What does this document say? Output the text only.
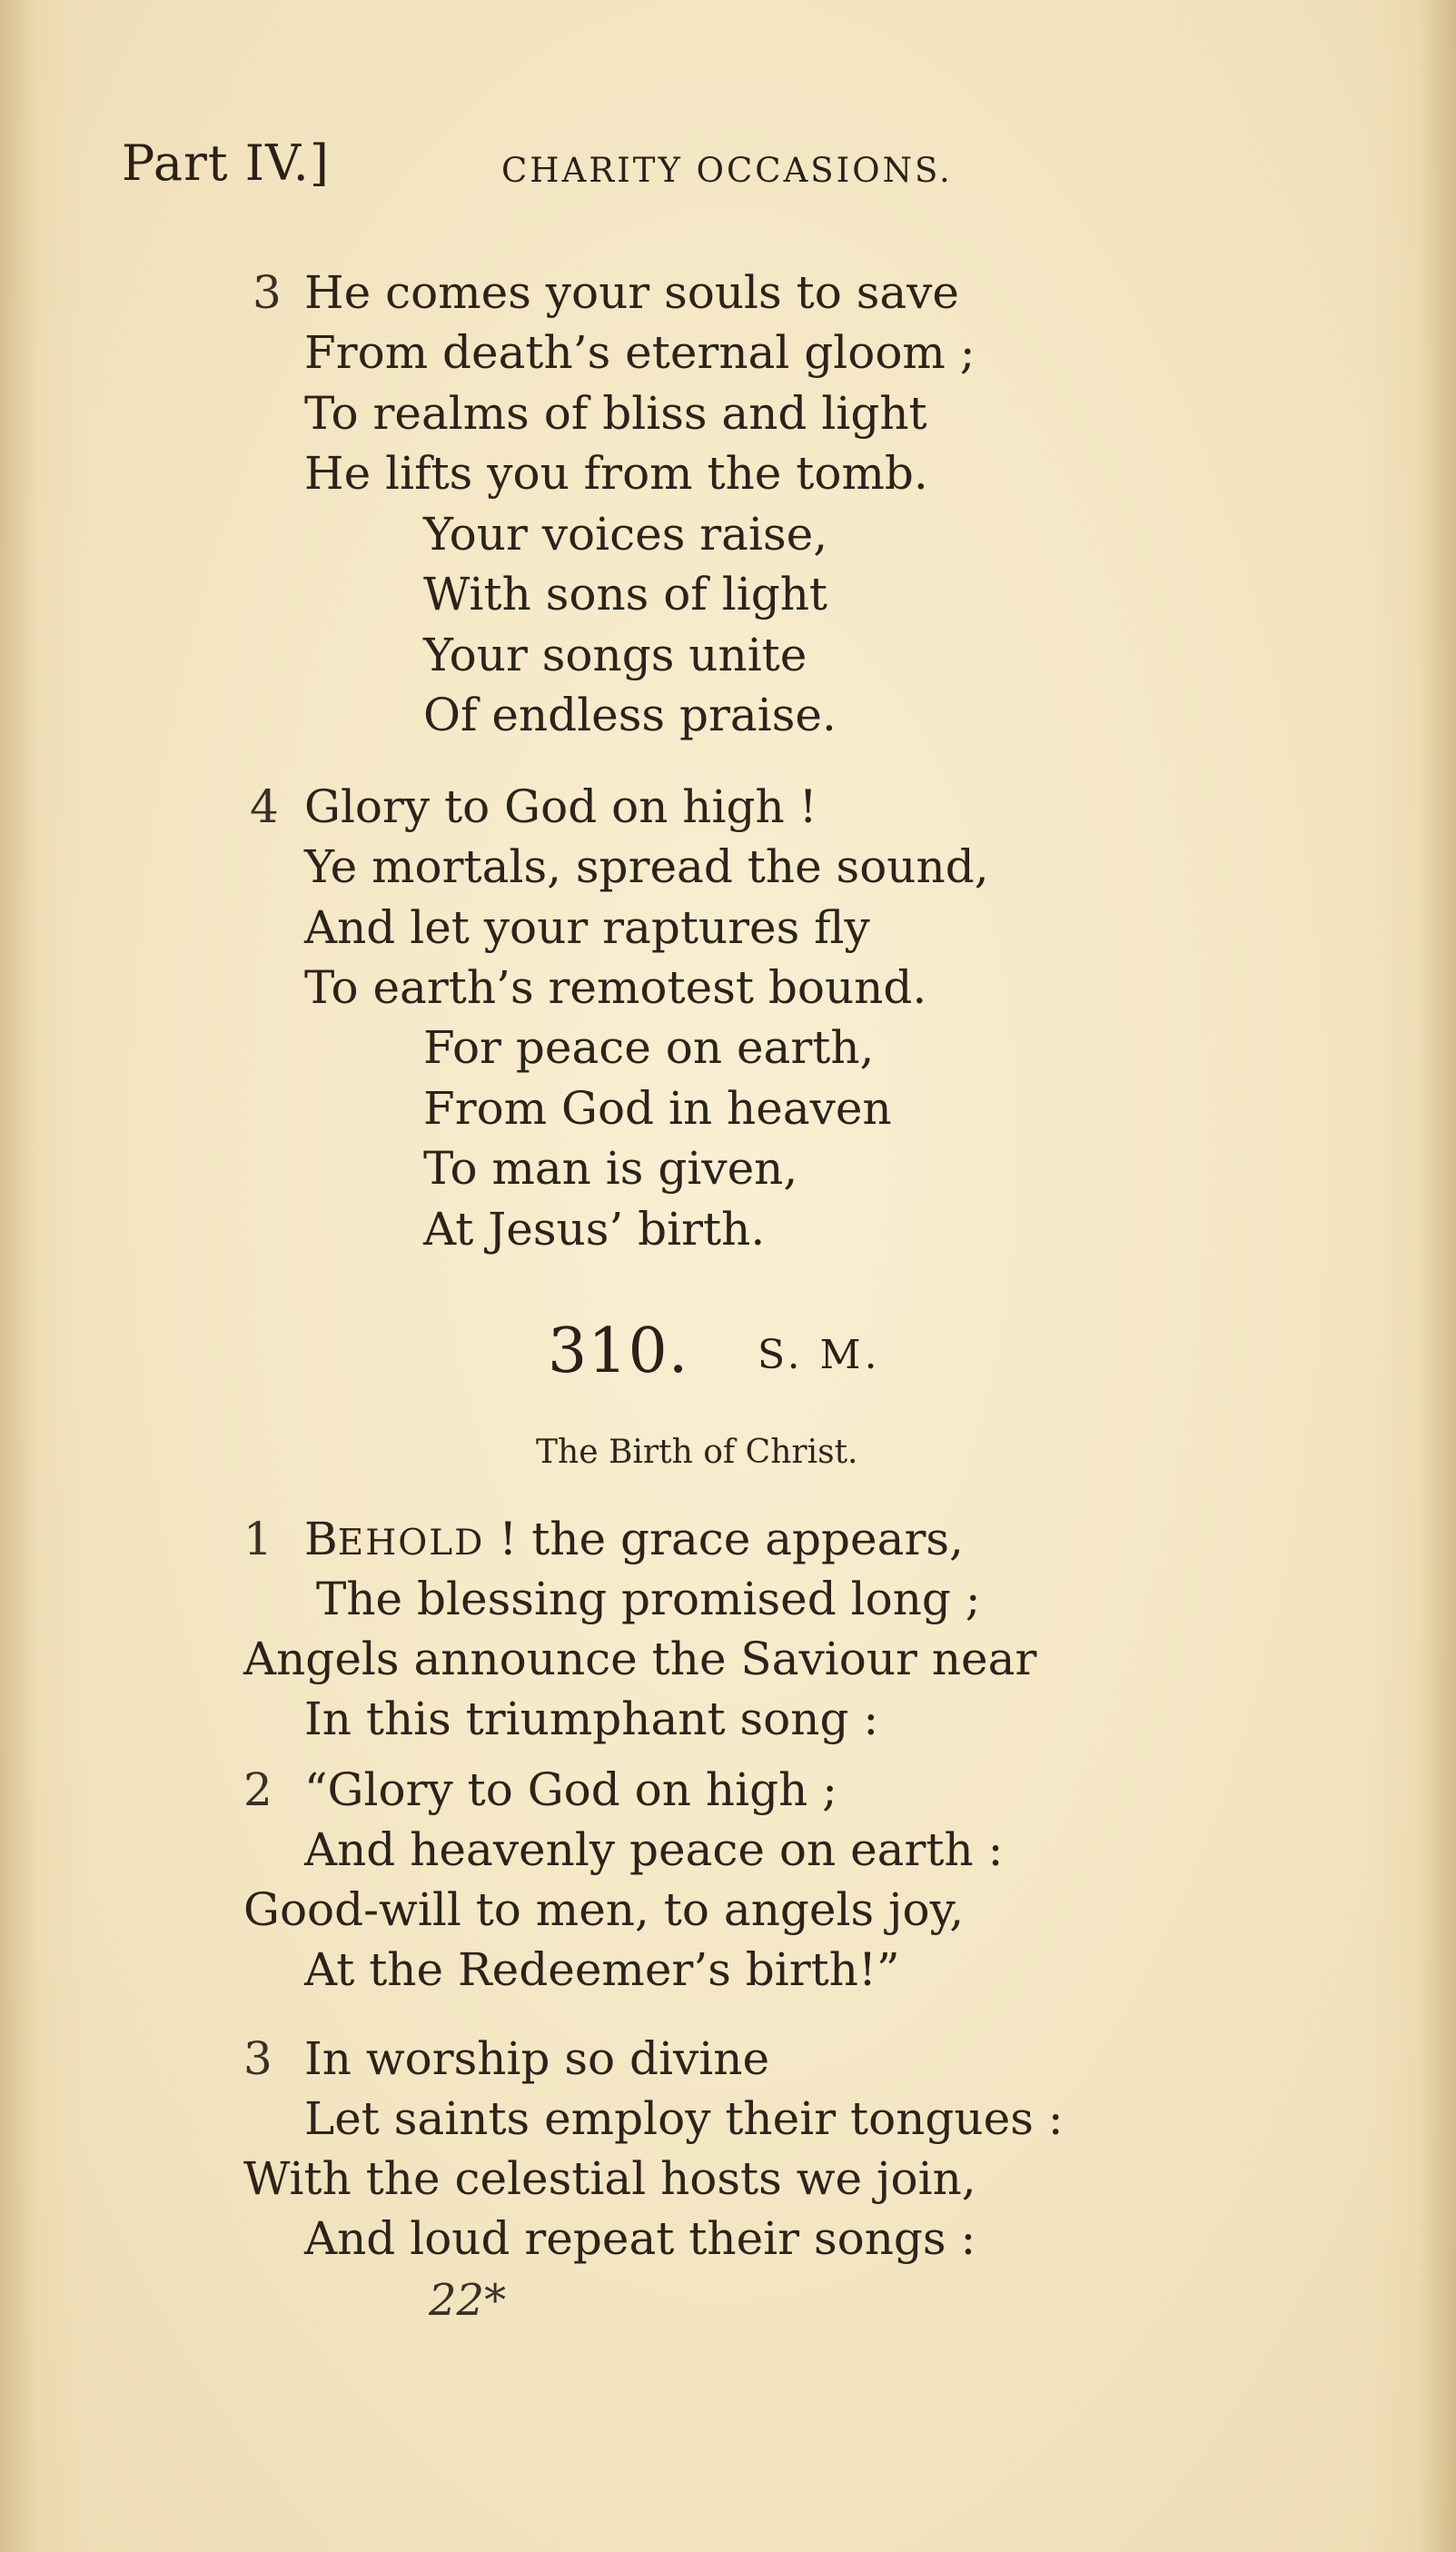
Part IV.]	CHARITY OCCASIONS.
3 He comes your souls to save
From death’s eternal gloom ;
To realms of bliss and light
He lifts you from the tomb.
Your voices raise,
With sons of light
Your songs unite
Of endless praise.
4 Glory to God on high !
Ye mortals, spread the sound,
And let your raptures fly
To earth’s remotest bound.
For peace on earth,
From God in heaven
To man is given,
At Jesus’ birth.
310. S. M.
The Birth of Christ.
1 BEHOLD ! the grace appears,
The blessing promised long ;
Angels announce the Saviour near
In this triumphant song :
2 “Glory to God on high ;
And heavenly peace on earth :
Good-will to men, to angels joy,
At the Redeemer’s birth!”
3 In worship so divine
Let saints employ their tongues :
With the celestial hosts we join,
And loud repeat their songs :
22*
